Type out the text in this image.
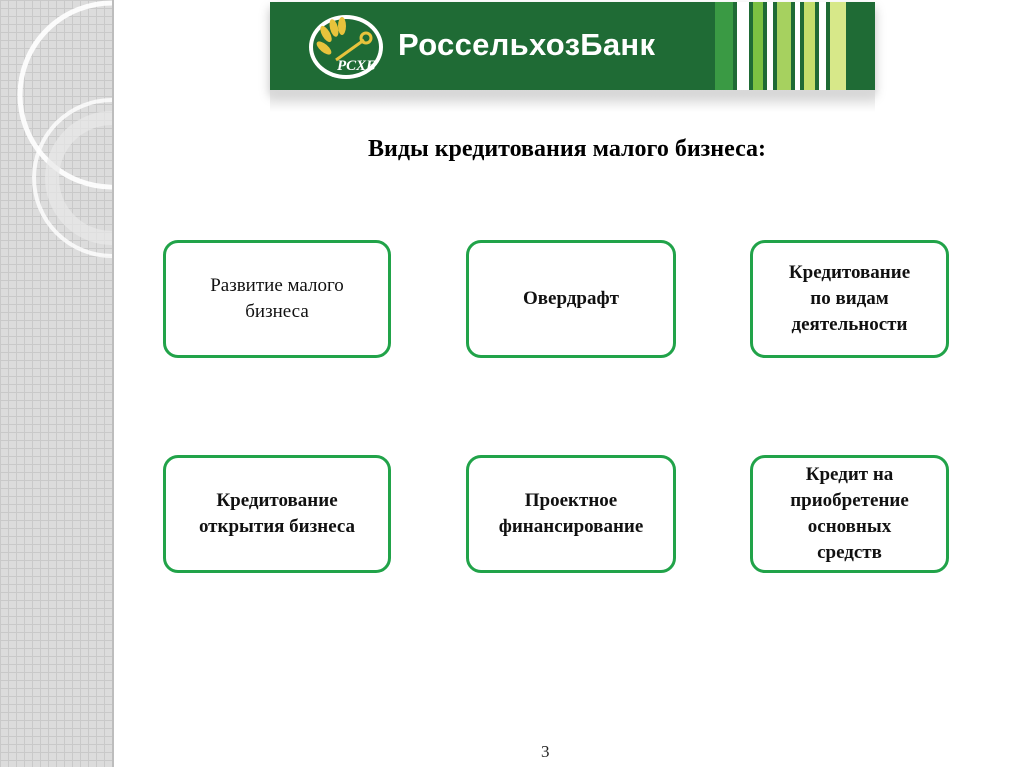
РСХБ
РоссельхозБанк
Виды кредитования малого бизнеса:
Развитие малого
бизнеса
Овердрафт
Кредитование
по видам
деятельности
Кредитование
открытия бизнеса
Проектное
финансирование
Кредит на
приобретение
основных
средств
3
